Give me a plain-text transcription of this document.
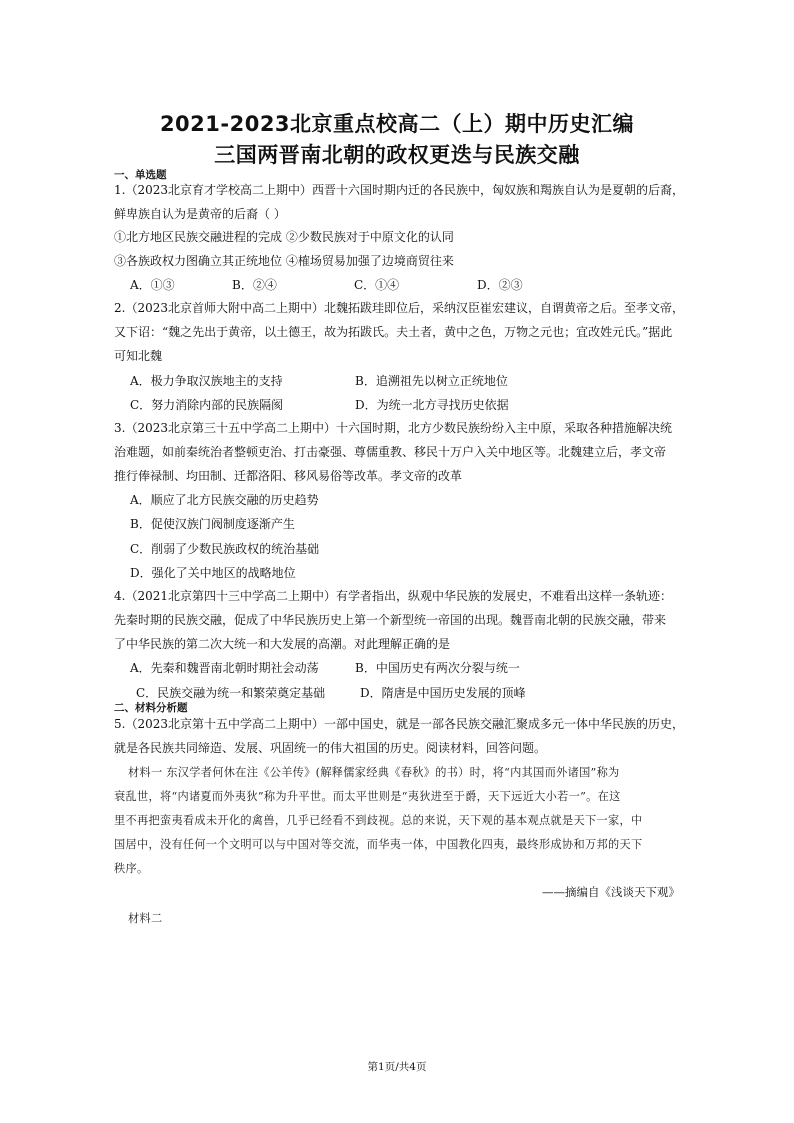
2021-2023北京重点校高二（上）期中历史汇编
三国两晋南北朝的政权更迭与民族交融
一、单选题
1.（2023北京育才学校高二上期中）西晋十六国时期内迁的各民族中，匈奴族和羯族自认为是夏朝的后裔，
鲜卑族自认为是黄帝的后裔（ ）
①北方地区民族交融进程的完成 ②少数民族对于中原文化的认同
③各族政权力图确立其正统地位 ④榷场贸易加强了边境商贸往来
A．①③	B．②④	C．①④	D．②③
2.（2023北京首师大附中高二上期中）北魏拓跋珪即位后，采纳汉臣崔宏建议，自谓黄帝之后。至孝文帝，
又下诏：“魏之先出于黄帝，以土德王，故为拓跋氏。夫土者，黄中之色，万物之元也；宜改姓元氏。”据此
可知北魏
A．极力争取汉族地主的支持	B．追溯祖先以树立正统地位
C．努力消除内部的民族隔阂	D．为统一北方寻找历史依据
3.（2023北京第三十五中学高二上期中）十六国时期，北方少数民族纷纷入主中原，采取各种措施解决统
治难题，如前秦统治者整顿吏治、打击豪强、尊儒重教、移民十万户入关中地区等。北魏建立后，孝文帝
推行俸禄制、均田制、迁都洛阳、移风易俗等改革。孝文帝的改革
A．顺应了北方民族交融的历史趋势
B．促使汉族门阀制度逐渐产生
C．削弱了少数民族政权的统治基础
D．强化了关中地区的战略地位
4.（2021北京第四十三中学高二上期中）有学者指出，纵观中华民族的发展史，不难看出这样一条轨迹：
先秦时期的民族交融，促成了中华民族历史上第一个新型统一帝国的出现。魏晋南北朝的民族交融，带来
了中华民族的第二次大统一和大发展的高潮。对此理解正确的是
A．先秦和魏晋南北朝时期社会动荡	B．中国历史有两次分裂与统一
C．民族交融为统一和繁荣奠定基础	D．隋唐是中国历史发展的顶峰
二、材料分析题
5.（2023北京第十五中学高二上期中）一部中国史，就是一部各民族交融汇聚成多元一体中华民族的历史，
就是各民族共同缔造、发展、巩固统一的伟大祖国的历史。阅读材料，回答问题。
材料一 东汉学者何休在注《公羊传》(解释儒家经典《春秋》的书）时，将“内其国而外诸国”称为
衰乱世，将“内诸夏而外夷狄”称为升平世。而太平世则是“夷狄进至于爵，天下远近大小若一”。在这
里不再把蛮夷看成未开化的禽兽，几乎已经看不到歧视。总的来说，天下观的基本观点就是天下一家，中
国居中，没有任何一个文明可以与中国对等交流，而华夷一体，中国教化四夷，最终形成协和万邦的天下
秩序。
——摘编自《浅谈天下观》
材料二
第1页/共4页
